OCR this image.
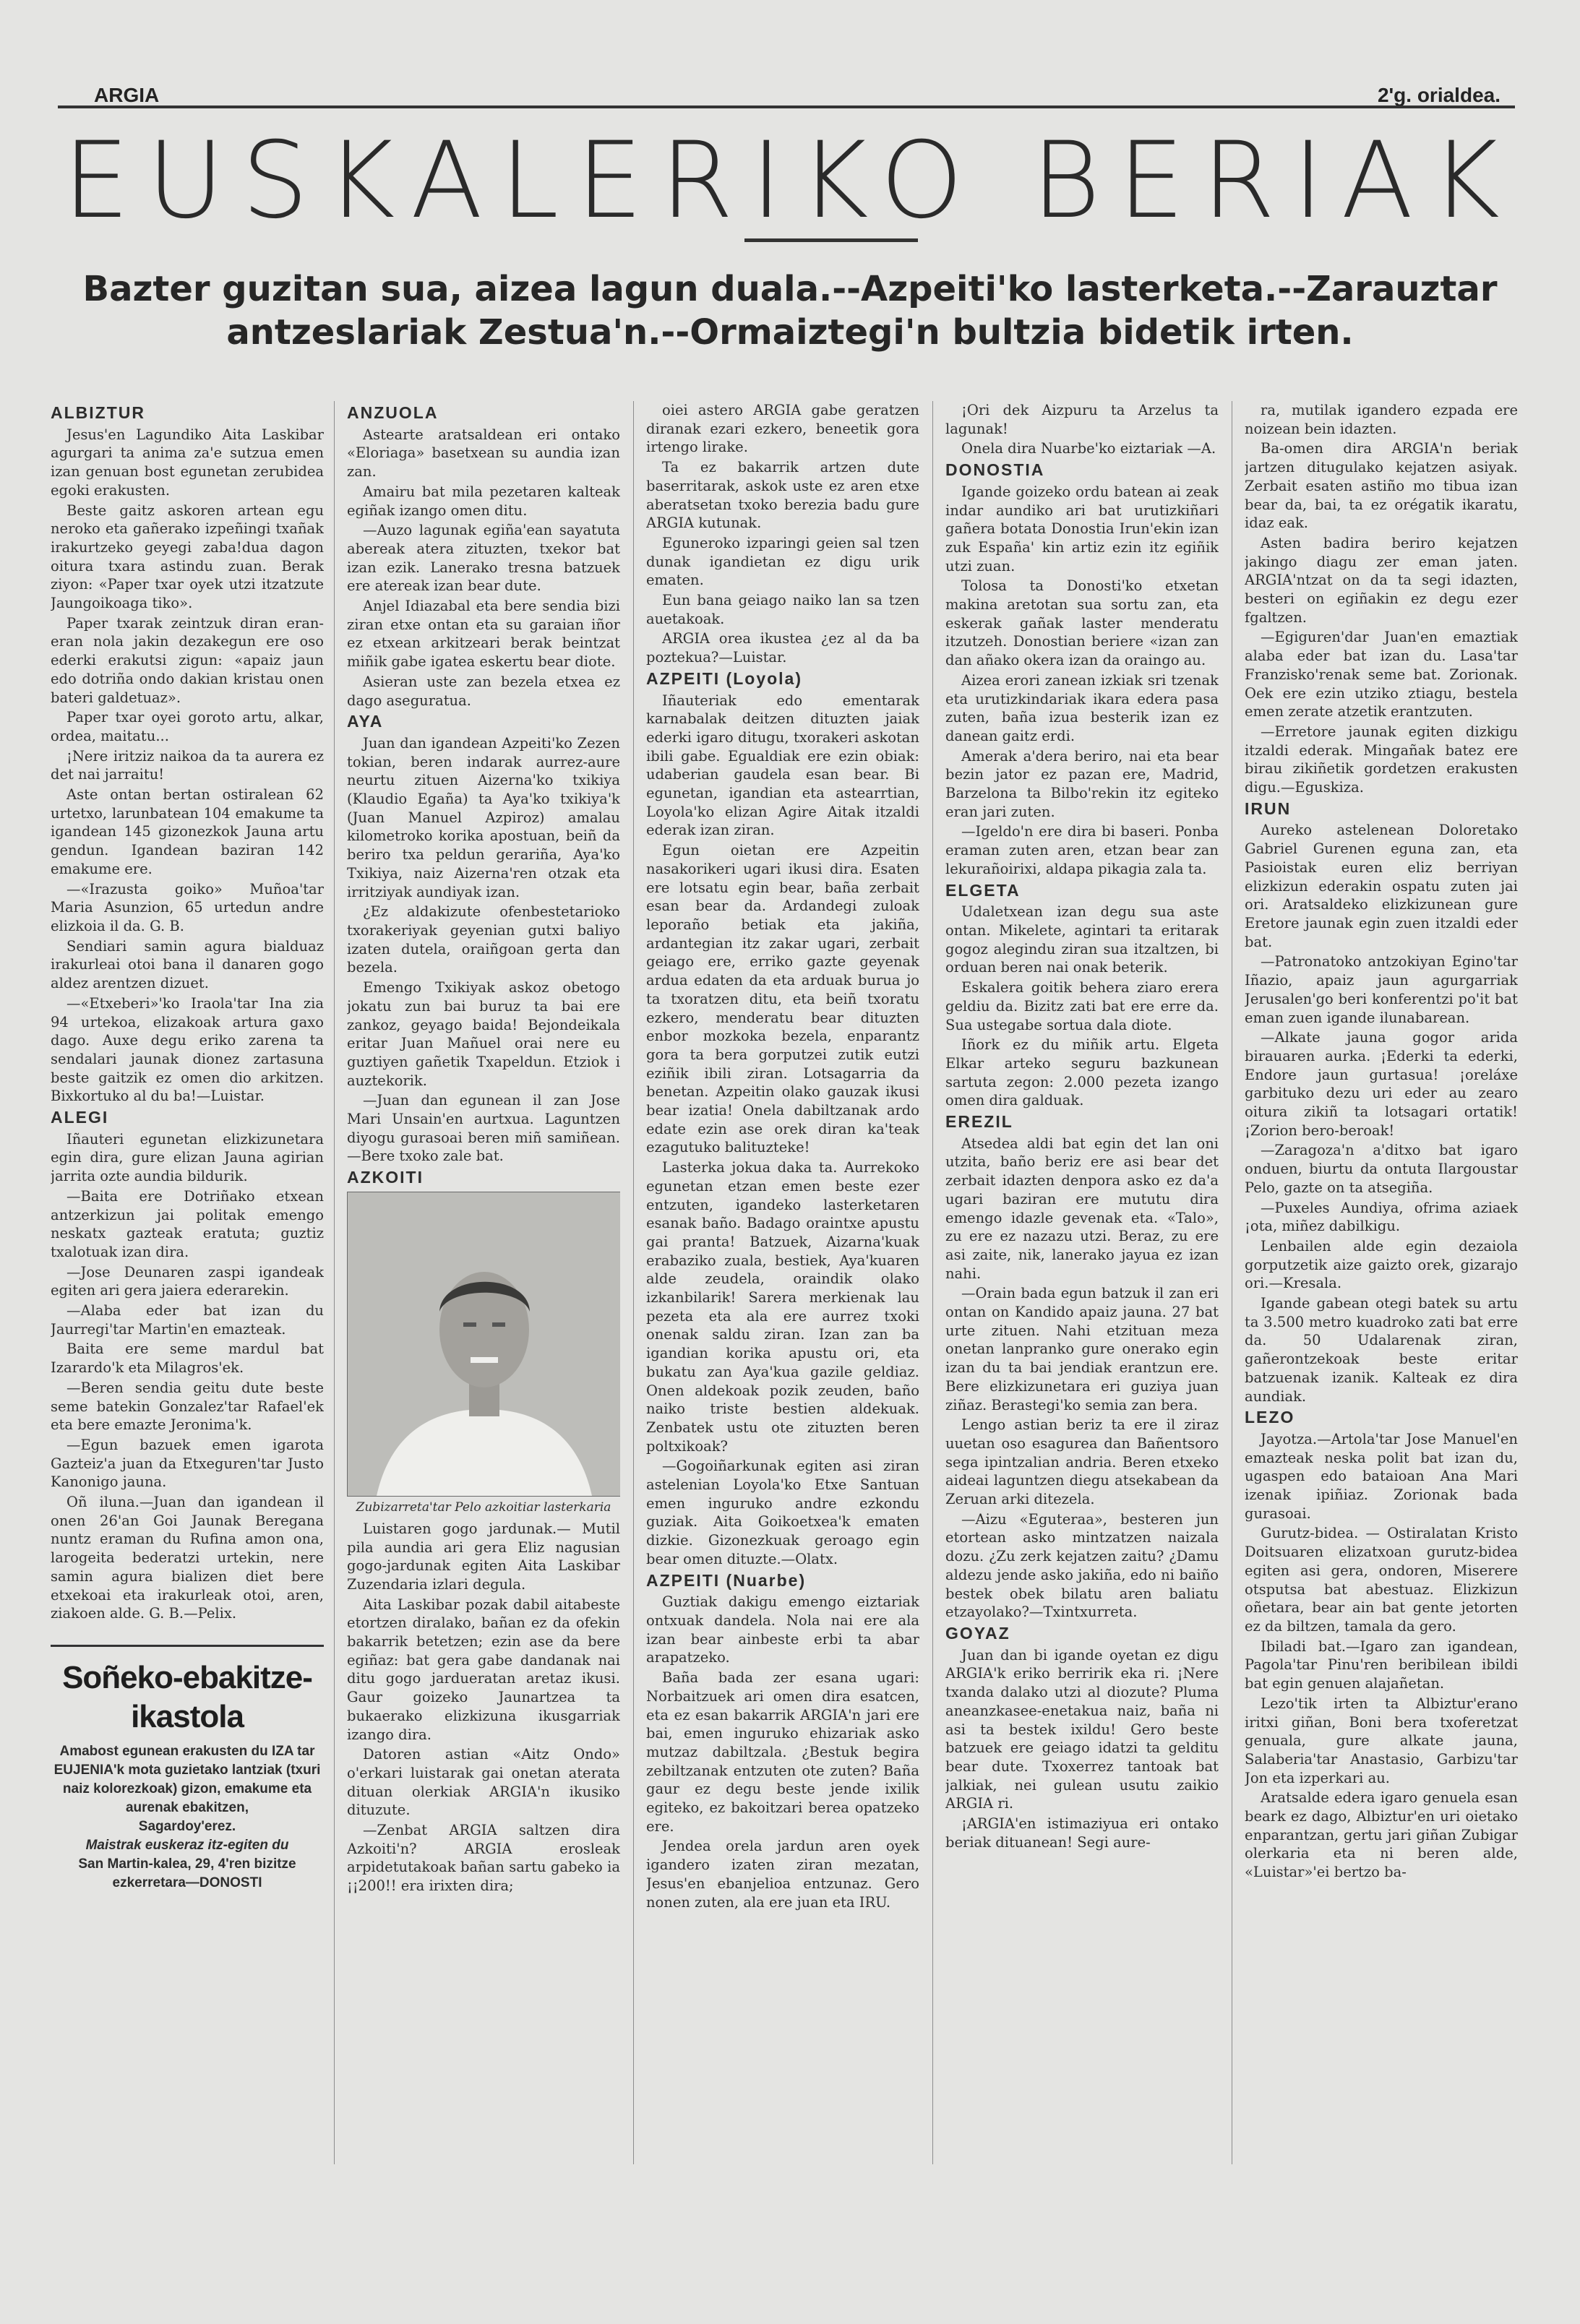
ARGIA	2'g. orialdea.
EUSKALERIKO BERIAK
Bazter guzitan sua, aizea lagun duala.--Azpeiti'ko lasterketa.--Zarauztar antzeslariak Zestua'n.--Ormaiztegi'n bultzia bidetik irten.
ALBIZTUR

Jesus'en Lagundiko Aita Laskibar agurgari ta anima za'e sutzua emen izan genuan bost egunetan zerubidea egoki erakusten.

Beste gaitz askoren artean egu neroko eta gañerako izpeñingi txañak irakurtzeko geyegi zaba!dua dagon oitura txara astindu zuan. Berak ziyon: «Paper txar oyek utzi itzatzute Jaungoikoaga tiko».

Paper txarak zeintzuk diran eran-eran nola jakin dezakegun ere oso ederki erakutsi zigun: «apaiz jaun edo dotriña ondo dakian kristau onen bateri galdetuaz».

Paper txar oyei goroto artu, alkar, ordea, maitatu...

¡Nere iritziz naikoa da ta aurera ez det nai jarraitu!

Aste ontan bertan ostiralean 62 urtetxo, larunbatean 104 emakume ta igandean 145 gizonezkok Jauna artu gendun. Igandean baziran 142 emakume ere.

—«Irazusta goiko» Muñoa'tar Maria Asunzion, 65 urtedun andre elizkoia il da. G. B.

Sendiari samin agura bialduaz irakurleai otoi bana il danaren gogo aldez arentzen dizuet.

—«Etxeberi»'ko Iraola'tar Ina zia 94 urtekoa, elizakoak artura gaxo dago. Auxe degu eriko zarena ta sendalari jaunak dionez zartasuna beste gaitzik ez omen dio arkitzen. Bixkortuko al du ba!—Luistar.

ALEGI

Iñauteri egunetan elizkizunetara egin dira, gure elizan Jauna agirian jarrita ozte aundia bildurik.

—Baita ere Dotriñako etxean antzerkizun jai politak emengo neskatx gazteak eratuta; guztiz txalotuak izan dira.

—Jose Deunaren zaspi igandeak egiten ari gera jaiera ederarekin.

—Alaba eder bat izan du Jaurregi'tar Martin'en emazteak.

Baita ere seme mardul bat Izarardo'k eta Milagros'ek.

—Beren sendia geitu dute beste seme batekin Gonzalez'tar Rafael'ek eta bere emazte Jeronima'k.

—Egun bazuek emen igarota Gazteiz'a juan da Etxeguren'tar Justo Kanonigo jauna.

Oñ iluna.—Juan dan igandean il onen 26'an Goi Jaunak Beregana nuntz eraman du Rufina amon ona, larogeita bederatzi urtekin, nere samin agura bializen diet bere etxekoai eta irakurleak otoi, aren, ziakoen alde. G. B.—Pelix.

Soñeko-ebakitze-ikastola
Amabost egunean erakusten du IZA tar EUJENIA'k mota guzietako lantziak (txuri naiz kolorezkoak) gizon, emakume eta aurenak ebakitzen,
Sagardoy'erez.
Maistrak euskeraz itz-egiten du
San Martin-kalea, 29, 4'ren bizitze ezkerretara—DONOSTI
ANZUOLA

Astearte aratsaldean eri ontako «Eloriaga» basetxean su aundia izan zan.

Amairu bat mila pezetaren kalteak egiñak izango omen ditu.

—Auzo lagunak egiña'ean sayatuta abereak atera zituzten, txekor bat izan ezik. Lanerako tresna batzuek ere atereak izan bear dute.

Anjel Idiazabal eta bere sendia bizi ziran etxe ontan eta su garaian iñor ez etxean arkitzeari berak beintzat miñik gabe igatea eskertu bear diote.

Asieran uste zan bezela etxea ez dago aseguratua.

AYA

Juan dan igandean Azpeiti'ko Zezen tokian, beren indarak aurrez-aure neurtu zituen Aizerna'ko txikiya (Klaudio Egaña) ta Aya'ko txikiya'k (Juan Manuel Azpiroz) amalau kilometroko korika apostuan, beiñ da beriro txa peldun gerariña, Aya'ko Txikiya, naiz Aizerna'ren otzak eta irritziyak aundiyak izan.

¿Ez aldakizute ofenbestetarioko txorakeriyak geyenian gutxi baliyo izaten dutela, oraiñgoan gerta dan bezela.

Emengo Txikiyak askoz obetogo jokatu zun bai buruz ta bai ere zankoz, geyago baida! Bejondeikala eritar Juan Mañuel orai nere eu guztiyen gañetik Txapeldun. Etziok i auztekorik.

—Juan dan egunean il zan Jose Mari Unsain'en aurtxua. Laguntzen diyogu gurasoai beren miñ samiñean.—Bere txoko zale bat.

AZKOITI
Zubizarreta'tar Pelo azkoitiar lasterkaria

Luistaren gogo jardunak.— Mutil pila aundia ari gera Eliz nagusian gogo-jardunak egiten Aita Laskibar Zuzendaria izlari degula.

Aita Laskibar pozak dabil aitabeste etortzen diralako, bañan ez da ofekin bakarrik betetzen; ezin ase da bere egiñaz: bat gera gabe dandanak nai ditu gogo jardueratan aretaz ikusi. Gaur goizeko Jaunartzea ta bukaerako elizkizuna ikusgarriak izango dira.

Datoren astian «Aitz Ondo» o'erkari luistarak gai onetan aterata dituan olerkiak ARGIA'n ikusiko dituzute.

—Zenbat ARGIA saltzen dira Azkoiti'n? ARGIA erosleak arpidetutakoak bañan sartu gabeko ia ¡¡200!! era irixten dira;

oiei astero ARGIA gabe geratzen diranak ezari ezkero, beneetik gora irtengo lirake.

Ta ez bakarrik artzen dute baserritarak, askok uste ez aren etxe aberatsetan txoko berezia badu gure ARGIA kutunak.

Eguneroko izparingi geien sal tzen dunak igandietan ez digu urik ematen.

Eun bana geiago naiko lan sa tzen auetakoak.

ARGIA orea ikustea ¿ez al da ba poztekua?—Luistar.

AZPEITI (Loyola)

Iñauteriak edo ementarak karnabalak deitzen dituzten jaiak ederki igaro ditugu, txorakeri askotan ibili gabe. Egualdiak ere ezin obiak: udaberian gaudela esan bear. Bi egunetan, igandian eta astearrtian, Loyola'ko elizan Agire Aitak itzaldi ederak izan ziran.

Egun oietan ere Azpeitin nasakorikeri ugari ikusi dira. Esaten ere lotsatu egin bear, baña zerbait esan bear da. Ardandegi zuloak leporaño betiak eta jakiña, ardantegian itz zakar ugari, zerbait geiago ere, erriko gazte geyenak ardua edaten da eta arduak burua jo ta txoratzen ditu, eta beiñ txoratu ezkero, menderatu bear dituzten enbor mozkoka bezela, enparantz gora ta bera gorputzei zutik eutzi eziñik ibili ziran. Lotsagarria da benetan. Azpeitin olako gauzak ikusi bear izatia! Onela dabiltzanak ardo edate ezin ase orek diran ka'teak ezagutuko balituzteke!

Lasterka jokua daka ta. Aurrekoko egunetan etzan emen beste ezer entzuten, igandeko lasterketaren esanak baño. Badago oraintxe apustu gai pranta! Batzuek, Aizarna'kuak erabaziko zuala, bestiek, Aya'kuaren alde zeudela, oraindik olako izkanbilarik! Sarera merkienak lau pezeta eta ala ere aurrez txoki onenak saldu ziran. Izan zan ba igandian korika apustu ori, eta bukatu zan Aya'kua gazile geldiaz. Onen aldekoak pozik zeuden, baño naiko triste bestien aldekuak. Zenbatek ustu ote zituzten beren poltxikoak?

—Gogoiñarkunak egiten asi ziran astelenian Loyola'ko Etxe Santuan emen inguruko andre ezkondu guziak. Aita Goikoetxea'k ematen dizkie. Gizonezkuak geroago egin bear omen dituzte.—Olatx.

AZPEITI (Nuarbe)

Guztiak dakigu emengo eiztariak ontxuak dandela. Nola nai ere ala izan bear ainbeste erbi ta abar arapatzeko.

Baña bada zer esana ugari: Norbaitzuek ari omen dira esatcen, eta ez esan bakarrik ARGIA'n jari ere bai, emen inguruko ehizariak asko mutzaz dabiltzala. ¿Bestuk begira zebiltzanak entzuten ote zuten? Baña gaur ez degu beste jende ixilik egiteko, ez bakoitzari berea opatzeko ere.

Jendea orela jardun aren oyek igandero izaten ziran mezatan, Jesus'en ebanjelioa entzunaz. Gero nonen zuten, ala ere juan eta IRU.

¡Ori dek Aizpuru ta Arzelus ta lagunak!

Onela dira Nuarbe'ko eiztariak —A.

DONOSTIA

Igande goizeko ordu batean ai zeak indar aundiko ari bat urutizkiñari gañera botata Donostia Irun'ekin izan zuk España' kin artiz ezin itz egiñik utzi zuan.

Tolosa ta Donosti'ko etxetan makina aretotan sua sortu zan, eta eskerak gañak laster menderatu itzutzeh. Donostian beriere «izan zan dan añako okera izan da oraingo au.

Aizea erori zanean izkiak sri tzenak eta urutizkindariak ikara edera pasa zuten, baña izua besterik izan ez danean gaitz erdi.

Amerak a'dera beriro, nai eta bear bezin jator ez pazan ere, Madrid, Barzelona ta Bilbo'rekin itz egiteko eran jari zuten.

—Igeldo'n ere dira bi baseri. Ponba eraman zuten aren, etzan bear zan lekurañoirixi, aldapa pikagia zala ta.

ELGETA

Udaletxean izan degu sua aste ontan. Mikelete, agintari ta eritarak gogoz alegindu ziran sua itzaltzen, bi orduan beren nai onak beterik.

Eskalera goitik behera ziaro erera geldiu da. Bizitz zati bat ere erre da. Sua ustegabe sortua dala diote.

Iñork ez du miñik artu. Elgeta Elkar arteko seguru bazkunean sartuta zegon: 2.000 pezeta izango omen dira galduak.

EREZIL

Atsedea aldi bat egin det lan oni utzita, baño beriz ere asi bear det zerbait idazten denpora asko ez da'a ugari baziran ere mututu dira emengo idazle gevenak eta. «Talo», zu ere ez nazazu utzi. Beraz, zu ere asi zaite, nik, lanerako jayua ez izan nahi.

—Orain bada egun batzuk il zan eri ontan on Kandido apaiz jauna. 27 bat urte zituen. Nahi etzituan meza onetan lanpranko gure onerako egin izan du ta bai jendiak erantzun ere. Bere elizkizunetara eri guziya juan ziñaz. Berastegi'ko semia zan bera.

Lengo astian beriz ta ere il ziraz uuetan oso esagurea dan Bañentsoro sega ipintzalian andria. Beren etxeko aideai laguntzen diegu atsekabean da Zeruan arki ditezela.

—Aizu «Eguteraa», besteren jun etortean asko mintzatzen naizala dozu. ¿Zu zerk kejatzen zaitu? ¿Damu aldezu jende asko jakiña, edo ni baiño bestek obek bilatu aren baliatu etzayolako?—Txintxurreta.

GOYAZ

Juan dan bi igande oyetan ez digu ARGIA'k eriko berririk eka ri. ¡Nere txanda dalako utzi al diozute? Pluma aneanzkasee-enetakua naiz, baña ni asi ta bestek ixildu! Gero beste batzuek ere geiago idatzi ta gelditu bear dute. Txoxerrez tantoak bat jalkiak, nei gulean usutu zaikio ARGIA ri.

¡ARGIA'en istimaziyua eri ontako beriak dituanean! Segi aure-

ra, mutilak igandero ezpada ere noizean bein idazten.

Ba-omen dira ARGIA'n beriak jartzen ditugulako kejatzen asiyak. Zerbait esaten astiño mo tibua izan bear da, bai, ta ez orégatik ikaratu, idaz eak.

Asten badira beriro kejatzen jakingo diagu zer eman jaten. ARGIA'ntzat on da ta segi idazten, besteri on egiñakin ez degu ezer fgaltzen.

—Egiguren'dar Juan'en emaztiak alaba eder bat izan du. Lasa'tar Franzisko'renak seme bat. Zorionak. Oek ere ezin utziko ztiagu, bestela emen zerate atzetik erantzuten.

—Erretore jaunak egiten dizkigu itzaldi ederak. Mingañak batez ere birau zikiñetik gordetzen erakusten digu.—Eguskiza.

IRUN

Aureko astelenean Doloretako Gabriel Gurenen eguna zan, eta Pasioistak euren eliz berriyan elizkizun ederakin ospatu zuten jai ori. Aratsaldeko elizkizunean gure Eretore jaunak egin zuen itzaldi eder bat.

—Patronatoko antzokiyan Egino'tar Iñazio, apaiz jaun agurgarriak Jerusalen'go beri konferentzi po'it bat eman zuen igande ilunabarean.

—Alkate jauna gogor arida birauaren aurka. ¡Ederki ta ederki, Endore jaun gurtasua! ¡oreláxe garbituko dezu uri eder au zearo oitura zikiñ ta lotsagari ortatik! ¡Zorion bero-beroak!

—Zaragoza'n a'ditxo bat igaro onduen, biurtu da ontuta Ilargoustar Pelo, gazte on ta atsegiña.

—Puxeles Aundiya, ofrima aziaek ¡ota, miñez dabilkigu.

Lenbailen alde egin dezaiola gorputzetik aize gaizto orek, gizarajo ori.—Kresala.

Igande gabean otegi batek su artu ta 3.500 metro kuadroko zati bat erre da. 50 Udalarenak ziran, gañerontzekoak beste eritar batzuenak izanik. Kalteak ez dira aundiak.

LEZO

Jayotza.—Artola'tar Jose Manuel'en emazteak neska polit bat izan du, ugaspen edo bataioan Ana Mari izenak ipiñiaz. Zorionak bada gurasoai.

Gurutz-bidea. — Ostiralatan Kristo Doitsuaren elizatxoan gurutz-bidea egiten asi gera, ondoren, Miserere otsputsa bat abestuaz. Elizkizun oñetara, bear ain bat gente jetorten ez da biltzen, tamala da gero.

Ibiladi bat.—Igaro zan igandean, Pagola'tar Pinu'ren beribilean ibildi bat egin genuen alajañetan.

Lezo'tik irten ta Albiztur'erano iritxi giñan, Boni bera txoferetzat genuala, gure alkate jauna, Salaberia'tar Anastasio, Garbizu'tar Jon eta izperkari au.

Aratsalde edera igaro genuela esan beark ez dago, Albiztur'en uri oietako enparantzan, gertu jari giñan Zubigar olerkaria eta ni beren alde, «Luistar»'ei bertzo ba-
